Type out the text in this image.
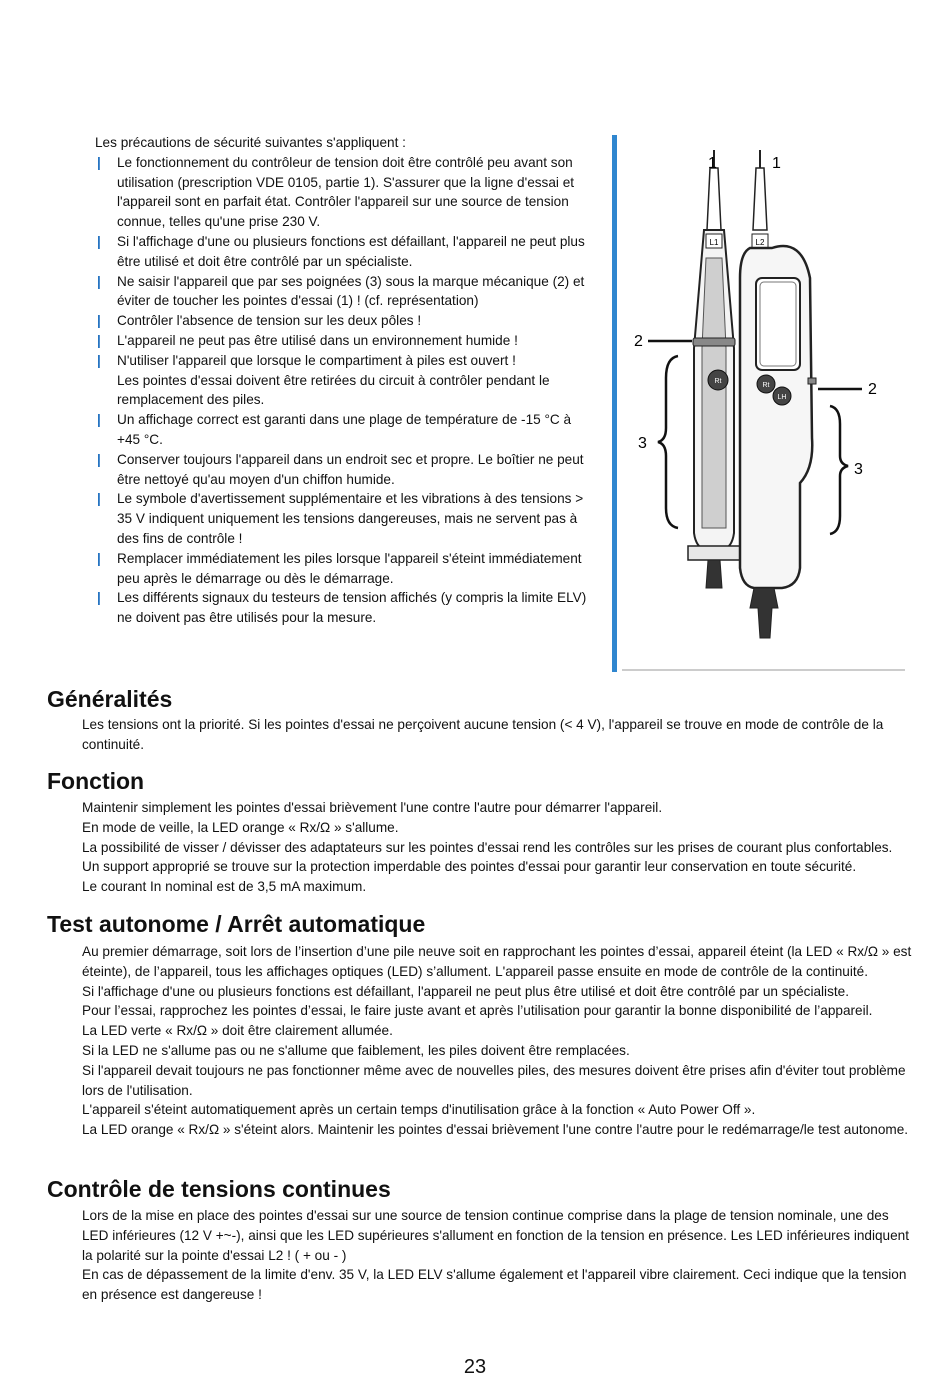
Les précautions de sécurité suivantes s'appliquent :

| Le fonctionnement du contrôleur de tension doit être contrôlé peu avant son utilisation (prescription VDE 0105, partie 1). S'assurer que la ligne d'essai et l'appareil sont en parfait état. Contrôler l'appareil sur une source de tension connue, telles qu'une prise 230 V.
| Si l'affichage d'une ou plusieurs fonctions est défaillant, l'appareil ne peut plus être utilisé et doit être contrôlé par un spécialiste.
| Ne saisir l'appareil que par ses poignées (3) sous la marque mécanique (2) et éviter de toucher les pointes d'essai (1) ! (cf. représentation)
| Contrôler l'absence de tension sur les deux pôles !
| L'appareil ne peut pas être utilisé dans un environnement humide !
| N'utiliser l'appareil que lorsque le compartiment à piles est ouvert !
Les pointes d'essai doivent être retirées du circuit à contrôler pendant le remplacement des piles.
| Un affichage correct est garanti dans une plage de température de -15 °C à +45 °C.
| Conserver toujours l'appareil dans un endroit sec et propre. Le boîtier ne peut être nettoyé qu'au moyen d'un chiffon humide.
| Le symbole d'avertissement supplémentaire et les vibrations à des tensions > 35 V indiquent uniquement les tensions dangereuses, mais ne servent pas à des fins de contrôle !
| Remplacer immédiatement les piles lorsque l'appareil s'éteint immédiatement peu après le démarrage ou dès le démarrage.
| Les différents signaux du testeurs de tension affichés (y compris la limite ELV) ne doivent pas être utilisés pour la mesure.
L1
Rt
L2
Rt
LH
1	1
2
2
3
3
Généralités

Les tensions ont la priorité. Si les pointes d'essai ne perçoivent aucune tension (< 4 V), l'appareil se trouve en mode de contrôle de la continuité.

Fonction

Maintenir simplement les pointes d'essai brièvement l'une contre l'autre pour démarrer l'appareil.

En mode de veille, la LED orange « Rx/Ω » s'allume.

La possibilité de visser / dévisser des adaptateurs sur les pointes d'essai rend les contrôles sur les prises de courant plus confortables.

Un support approprié se trouve sur la protection imperdable des pointes d'essai pour garantir leur conservation en toute sécurité.

Le courant In nominal est de 3,5 mA maximum.

Test autonome / Arrêt automatique

Au premier démarrage, soit lors de l’insertion d’une pile neuve soit en rapprochant les pointes d’essai, appareil éteint (la LED « Rx/Ω » est éteinte), de l’appareil, tous les affichages optiques (LED) s’allument. L'appareil passe ensuite en mode de contrôle de la continuité.

Si l'affichage d'une ou plusieurs fonctions est défaillant, l'appareil ne peut plus être utilisé et doit être contrôlé par un spécialiste.

Pour l’essai, rapprochez les pointes d’essai, le faire juste avant et après l’utilisation pour garantir la bonne disponibilité de l’appareil.

La LED verte « Rx/Ω » doit être clairement allumée.

Si la LED ne s'allume pas ou ne s'allume que faiblement, les piles doivent être remplacées.

Si l'appareil devait toujours ne pas fonctionner même avec de nouvelles piles, des mesures doivent être prises afin d'éviter tout problème lors de l'utilisation.

L'appareil s'éteint automatiquement après un certain temps d'inutilisation grâce à la fonction « Auto Power Off ».

La LED orange « Rx/Ω » s'éteint alors. Maintenir les pointes d'essai brièvement l'une contre l'autre pour le redémarrage/le test autonome.

Contrôle de tensions continues

Lors de la mise en place des pointes d'essai sur une source de tension continue comprise dans la plage de tension nominale, une des LED inférieures (12 V +~-), ainsi que les LED supérieures s'allument en fonction de la tension en présence. Les LED inférieures indiquent la polarité sur la pointe d'essai L2 ! ( + ou - )

En cas de dépassement de la limite d'env. 35 V, la LED ELV s'allume également et l'appareil vibre clairement. Ceci indique que la tension en présence est dangereuse !

23
